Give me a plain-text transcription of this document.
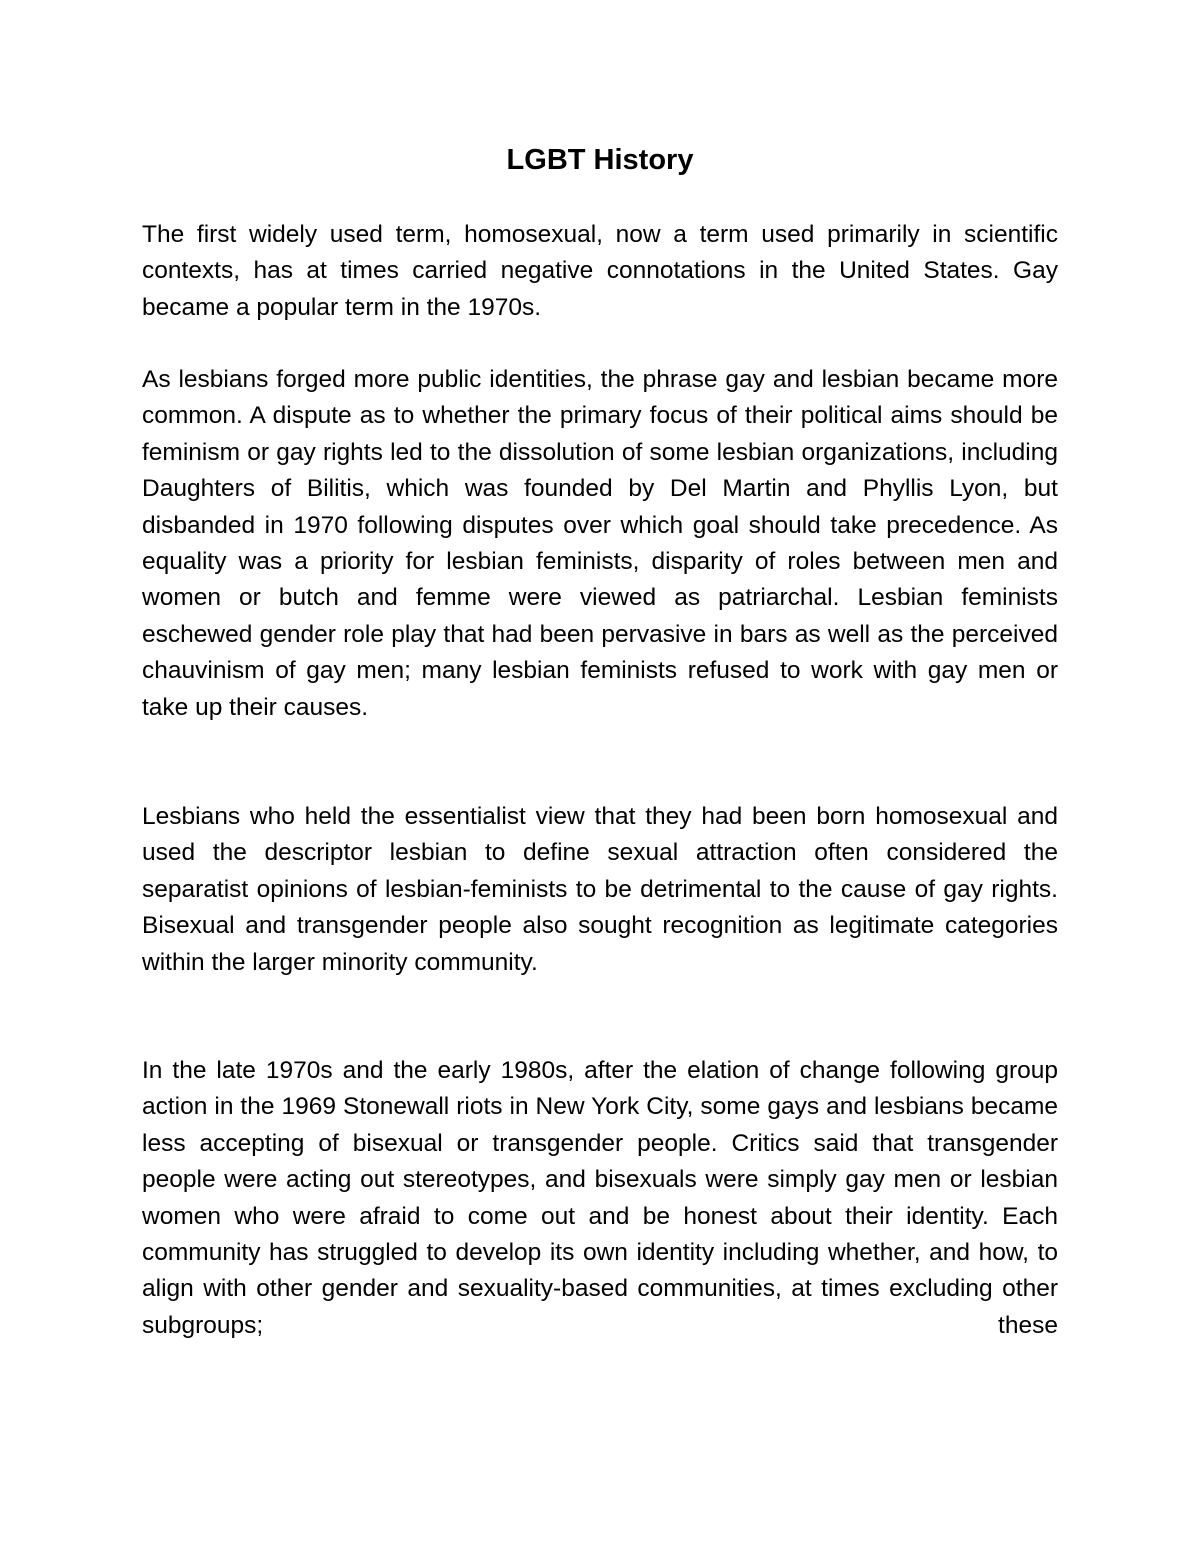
LGBT History

The first widely used term, homosexual, now a term used primarily in scientific contexts, has at times carried negative connotations in the United States. Gay became a popular term in the 1970s.

As lesbians forged more public identities, the phrase gay and lesbian became more common. A dispute as to whether the primary focus of their political aims should be feminism or gay rights led to the dissolution of some lesbian organizations, including Daughters of Bilitis, which was founded by Del Martin and Phyllis Lyon, but disbanded in 1970 following disputes over which goal should take precedence. As equality was a priority for lesbian feminists, disparity of roles between men and women or butch and femme were viewed as patriarchal. Lesbian feminists eschewed gender role play that had been pervasive in bars as well as the perceived chauvinism of gay men; many lesbian feminists refused to work with gay men or take up their causes.

Lesbians who held the essentialist view that they had been born homosexual and used the descriptor lesbian to define sexual attraction often considered the separatist opinions of lesbian-feminists to be detrimental to the cause of gay rights. Bisexual and transgender people also sought recognition as legitimate categories within the larger minority community.

In the late 1970s and the early 1980s, after the elation of change following group action in the 1969 Stonewall riots in New York City, some gays and lesbians became less accepting of bisexual or transgender people. Critics said that transgender people were acting out stereotypes, and bisexuals were simply gay men or lesbian women who were afraid to come out and be honest about their identity. Each community has struggled to develop its own identity including whether, and how, to align with other gender and sexuality-based communities, at times excluding other subgroups; these
